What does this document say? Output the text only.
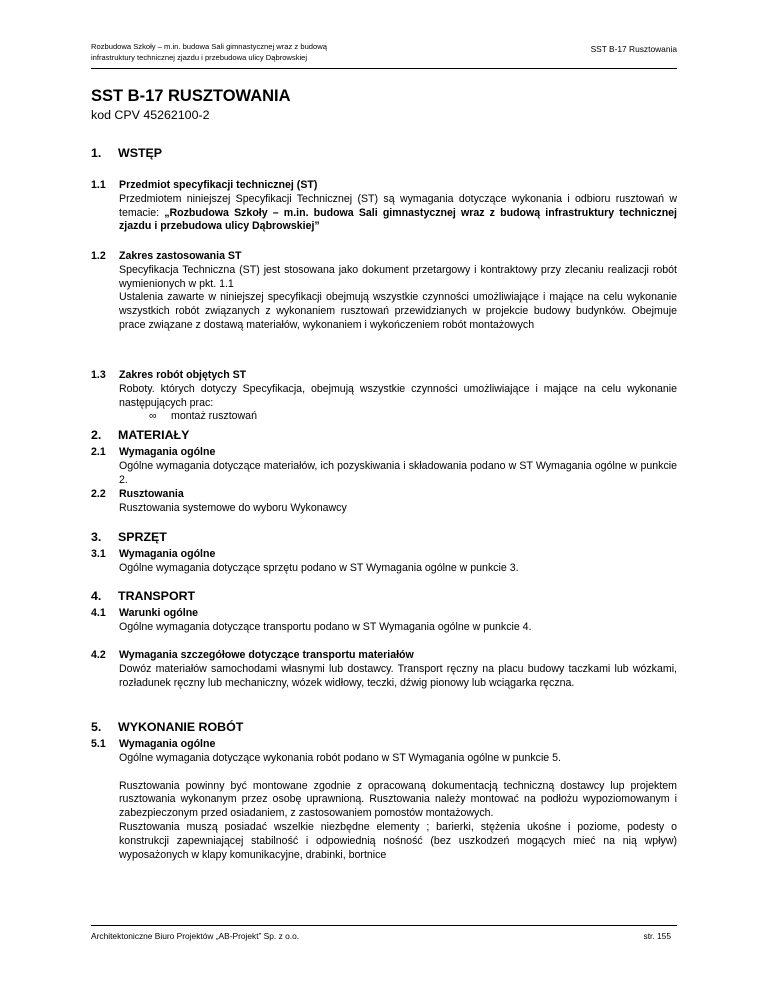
Rozbudowa Szkoły – m.in. budowa Sali gimnastycznej wraz z budową
infrastruktury technicznej zjazdu i przebudowa ulicy Dąbrowskiej
SST B-17 Rusztowania
SST B-17 RUSZTOWANIA
kod CPV 45262100-2
1. WSTĘP
1.1 Przedmiot specyfikacji technicznej (ST)
Przedmiotem niniejszej Specyfikacji Technicznej (ST) są wymagania dotyczące wykonania i odbioru rusztowań w temacie: „Rozbudowa Szkoły – m.in. budowa Sali gimnastycznej wraz z budową infrastruktury technicznej zjazdu i przebudowa ulicy Dąbrowskiej”
1.2 Zakres zastosowania ST
Specyfikacja Techniczna (ST) jest stosowana jako dokument przetargowy i kontraktowy przy zlecaniu realizacji robót wymienionych w pkt. 1.1
Ustalenia zawarte w niniejszej specyfikacji obejmują wszystkie czynności umożliwiające i mające na celu wykonanie wszystkich robót związanych z wykonaniem rusztowań przewidzianych w projekcie budowy budynków. Obejmuje prace związane z dostawą materiałów, wykonaniem i wykończeniem robót montażowych
1.3 Zakres robót objętych ST
Roboty. których dotyczy Specyfikacja, obejmują wszystkie czynności umożliwiające i mające na celu wykonanie następujących prac:
∞ montaż rusztowań
2. MATERIAŁY
2.1 Wymagania ogólne
Ogólne wymagania dotyczące materiałów, ich pozyskiwania i składowania podano w ST Wymagania ogólne w punkcie 2.
2.2 Rusztowania
Rusztowania systemowe do wyboru Wykonawcy
3. SPRZĘT
3.1 Wymagania ogólne
Ogólne wymagania dotyczące sprzętu podano w ST Wymagania ogólne w punkcie 3.
4. TRANSPORT
4.1 Warunki ogólne
Ogólne wymagania dotyczące transportu podano w ST Wymagania ogólne w punkcie 4.
4.2 Wymagania szczegółowe dotyczące transportu materiałów
Dowóz materiałów samochodami własnymi lub dostawcy. Transport ręczny na placu budowy taczkami lub wózkami, rozładunek ręczny lub mechaniczny, wózek widłowy, teczki, dźwig pionowy lub wciągarka ręczna.
5. WYKONANIE ROBÓT
5.1 Wymagania ogólne
Ogólne wymagania dotyczące wykonania robót podano w ST Wymagania ogólne w punkcie 5.
Rusztowania powinny być montowane zgodnie z opracowaną dokumentacją techniczną dostawcy lup projektem rusztowania wykonanym przez osobę uprawnioną. Rusztowania należy montować na podłożu wypoziomowanym i zabezpieczonym przed osiadaniem, z zastosowaniem pomostów montażowych.
Rusztowania muszą posiadać wszelkie niezbędne elementy ; barierki, stężenia ukośne i poziome, podesty o konstrukcji zapewniającej stabilność i odpowiednią nośność (bez uszkodzeń mogących mieć na nią wpływ) wyposażonych w klapy komunikacyjne, drabinki, bortnice
Architektoniczne Biuro Projektów „AB-Projekt” Sp. z o.o.	str. 155
